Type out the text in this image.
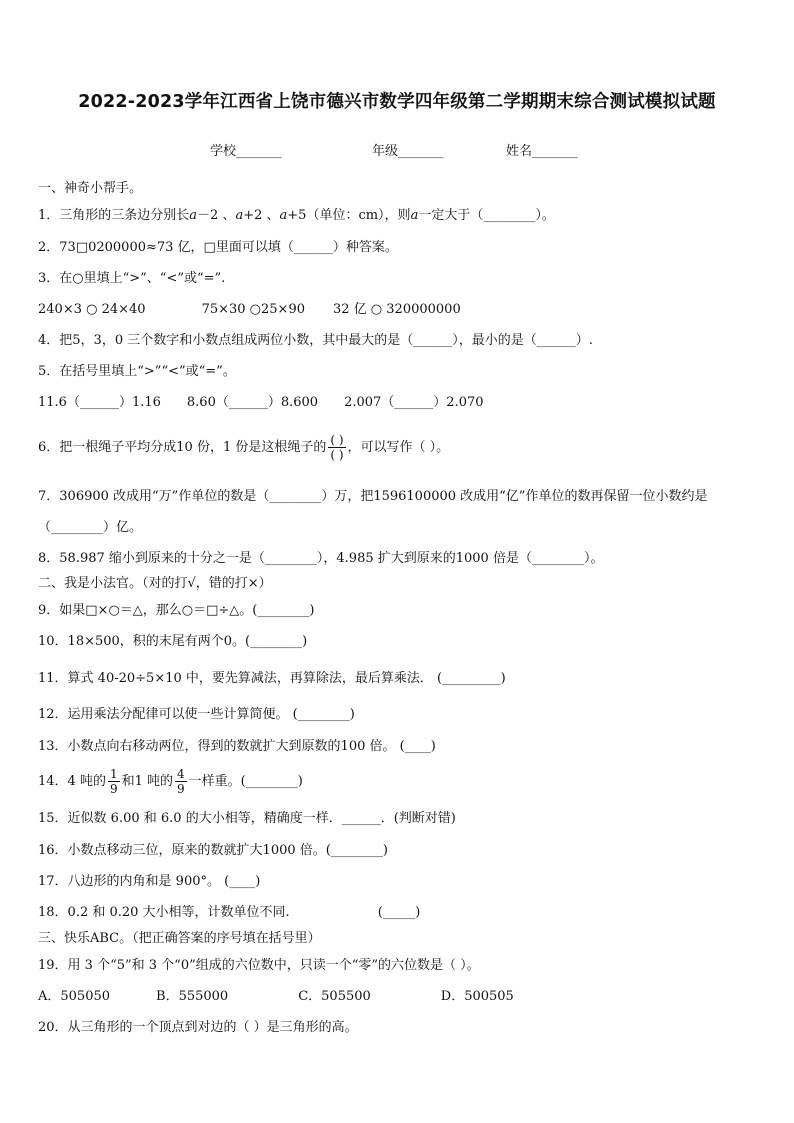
2022-2023学年江西省上饶市德兴市数学四年级第二学期期末综合测试模拟试题
学校_______	年级_______	姓名_______
一、神奇小帮手。
1．三角形的三条边分别长a－2 、a+2 、a+5（单位：cm），则a一定大于（________）。
2．73□0200000≈73 亿，□里面可以填（______）种答案。
3．在○里填上“>”、“<”或“=”.
240×3 ○ 24×40	75×30 ○25×90 32 亿 ○ 320000000
4．把5，3，0 三个数字和小数点组成两位小数，其中最大的是（______），最小的是（______）.
5．在括号里填上“>”“<”或“=”。
11.6（______）1.16 8.60（______）8.600 2.007（______）2.070
6．把一根绳子平均分成10 份，1 份是这根绳子的 $\frac{( )}{( )}$ ，可以写作（ ）。
7．306900 改成用“万”作单位的数是（________）万，把1596100000 改成用“亿”作单位的数再保留一位小数约是
（________）亿。
8．58.987 缩小到原来的十分之一是（________），4.985 扩大到原来的1000 倍是（________）。
二、我是小法官。（对的打√，错的打×）
9．如果□×○＝△，那么○＝□÷△。(________)
10．18×500，积的末尾有两个0。(________)
11．算式 40-20÷5×10 中，要先算减法，再算除法，最后算乘法． (_________)
12．运用乘法分配律可以使一些计算简便。 (________)
13．小数点向右移动两位，得到的数就扩大到原数的100 倍。 (____)
14．4 吨的 $\frac{1}{9}$ 和1 吨的 $\frac{4}{9}$ 一样重。(________)
15．近似数 6.00 和 6.0 的大小相等，精确度一样．______．(判断对错)
16．小数点移动三位，原来的数就扩大1000 倍。(________)
17．八边形的内角和是 900°。 (____)
18．0.2 和 0.20 大小相等，计数单位不同.	(_____)
三、快乐ABC。（把正确答案的序号填在括号里）
19．用 3 个“5”和 3 个“0”组成的六位数中，只读一个“零”的六位数是（ ）。
A．505050	B．555000	C．505500	D．500505
20．从三角形的一个顶点到对边的（ ）是三角形的高。
